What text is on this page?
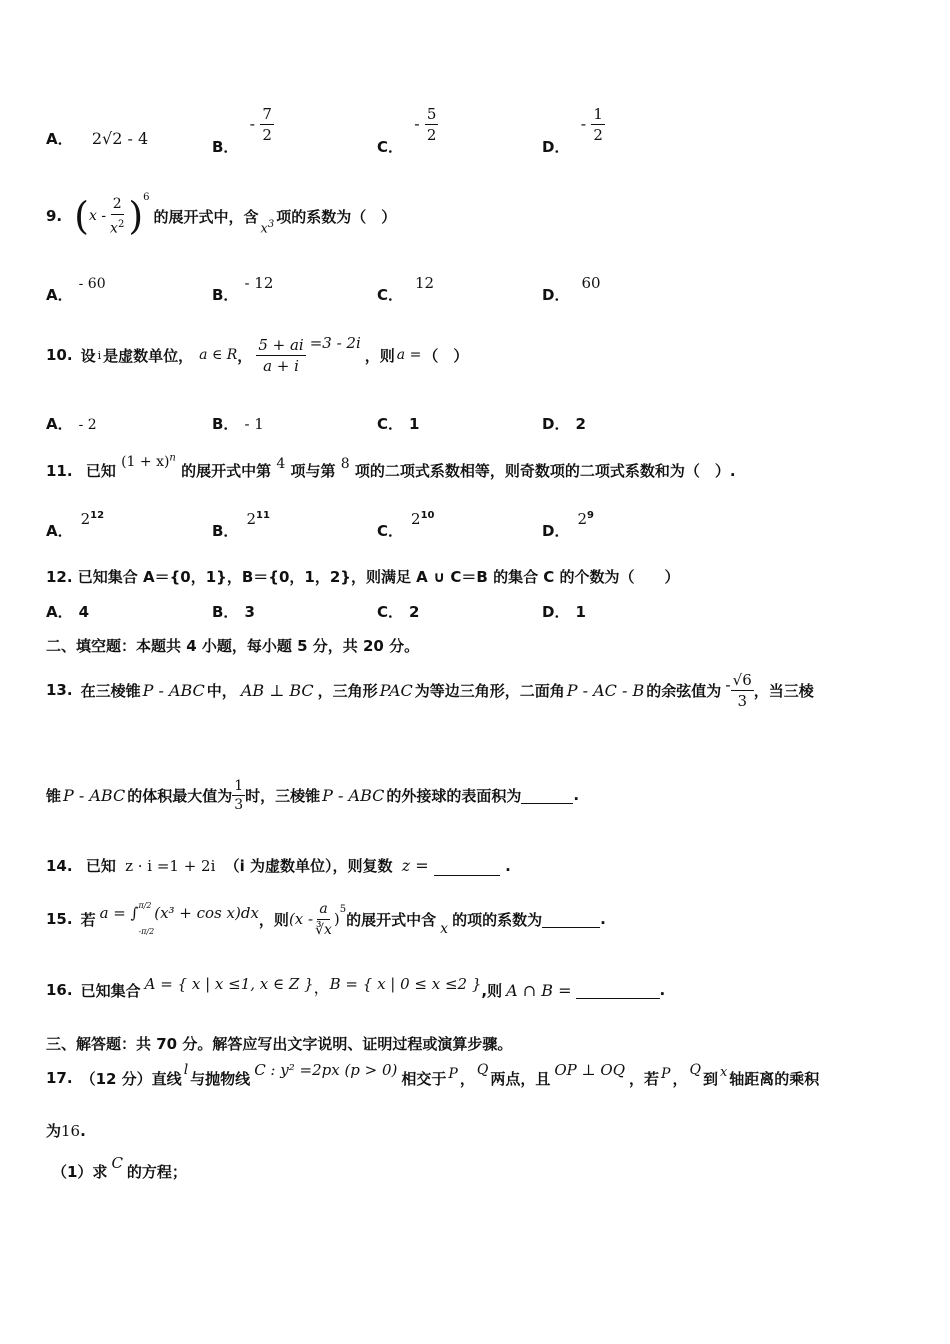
A． 2√2 - 4	B． - $\frac{7}{2}$
C． - $\frac{5}{2}$
D． - $\frac{1}{2}$
9. ( x - $\frac{2}{x^2}$ ) 6
的展开式中，含
$x^3$ 项的系数为（　）
A．- 60
B．- 12
C．12
D．60
10. 设 i 是虚数单位， a ∈ R ， $\frac{5 + ai}{a + i} =3 - 2i$
，则 a = （　）
A． - 2	B． - 1	C． 1	D． 2
11. 已知 $(1 + x)^n$ 的展开式中第 4 项与第 8 项的二项式系数相等，则奇数项的二项式系数和为（　）.
A．$2^{12}$
B．$2^{11}$
C．$2^{10}$
D．$2^9$
12. 已知集合 A＝{0，1}，B＝{0，1，2}，则满足 A ∪ C＝B 的集合 C 的个数为（　　）
A． 4	B． 3	C． 2	D． 1
二、填空题：本题共 4 小题，每小题 5 分，共 20 分。
13. 在三棱锥 P - ABC 中， AB ⊥ BC ，三角形 PAC 为等边三角形，二面角 P - AC - B 的余弦值为 - $\frac{√6}{3}$ ，当三棱
锥 P - ABC 的体积最大值为 $\frac{1}{3}$ 时，三棱锥 P - ABC 的外接球的表面积为	.
14. 已知 z · i =1 + 2i （i 为虚数单位），则复数 z =	.
15. 若 a = ∫ π/2
-π/2
(x³ + cos x)dx ，则 ($x - \frac{a}{∛x}$ )
5
的展开式中含
x
的项的系数为	.
16. 已知集合 A = { x | x ≤1, x ∈ Z } ， B = { x | 0 ≤ x ≤2 } ,则 A ∩ B =	.
三、解答题：共 70 分。解答应写出文字说明、证明过程或演算步骤。
17. （12 分）直线 l 与抛物线 C : y² =2px (p > 0) 相交于 P ， Q 两点，且 OP ⊥ OQ ，若 P ， Q 到 x 轴距离的乘积
为16.
（1）求 C 的方程；
